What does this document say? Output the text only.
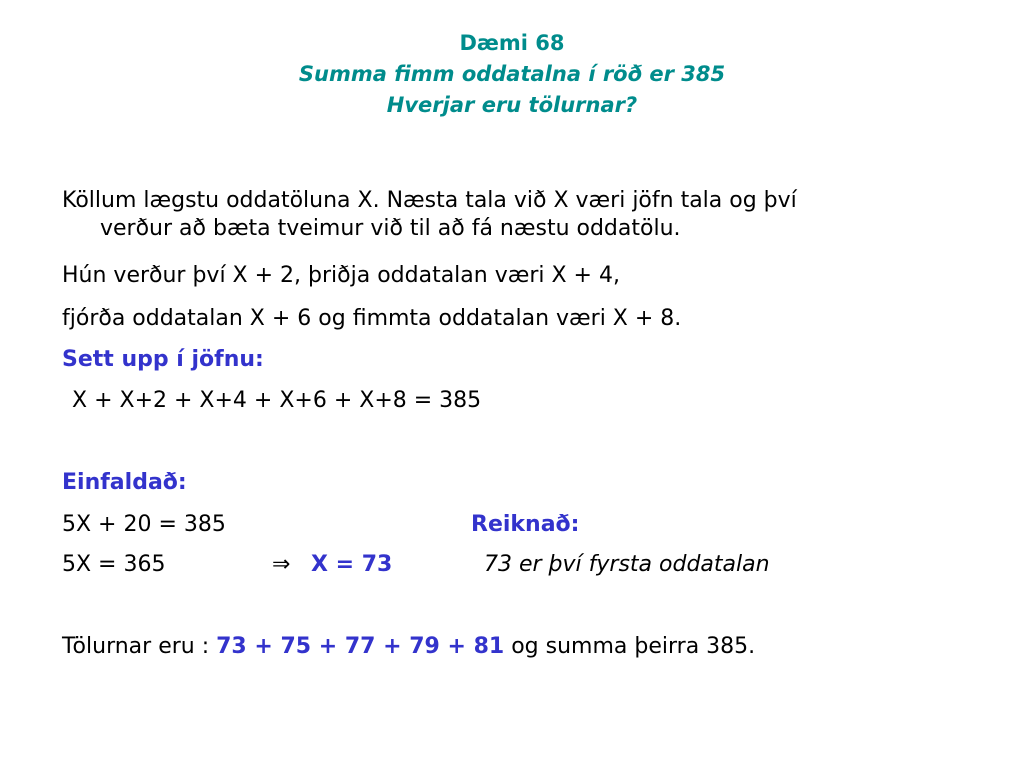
Dæmi 68
Summa fimm oddatalna í röð er 385
Hverjar eru tölurnar?
Köllum lægstu oddatöluna X. Næsta tala við X væri jöfn tala og því
verður að bæta tveimur við til að fá næstu oddatölu.
Hún verður því X + 2, þriðja oddatalan væri X + 4,
fjórða oddatalan X + 6 og fimmta oddatalan væri X + 8.
Sett upp í jöfnu:
X + X+2 + X+4 + X+6 + X+8 = 385
Einfaldað:
5X + 20 = 385	Reiknað:
5X = 365	⇒ X = 73	73 er því fyrsta oddatalan
Tölurnar eru : 73 + 75 + 77 + 79 + 81 og summa þeirra 385.
